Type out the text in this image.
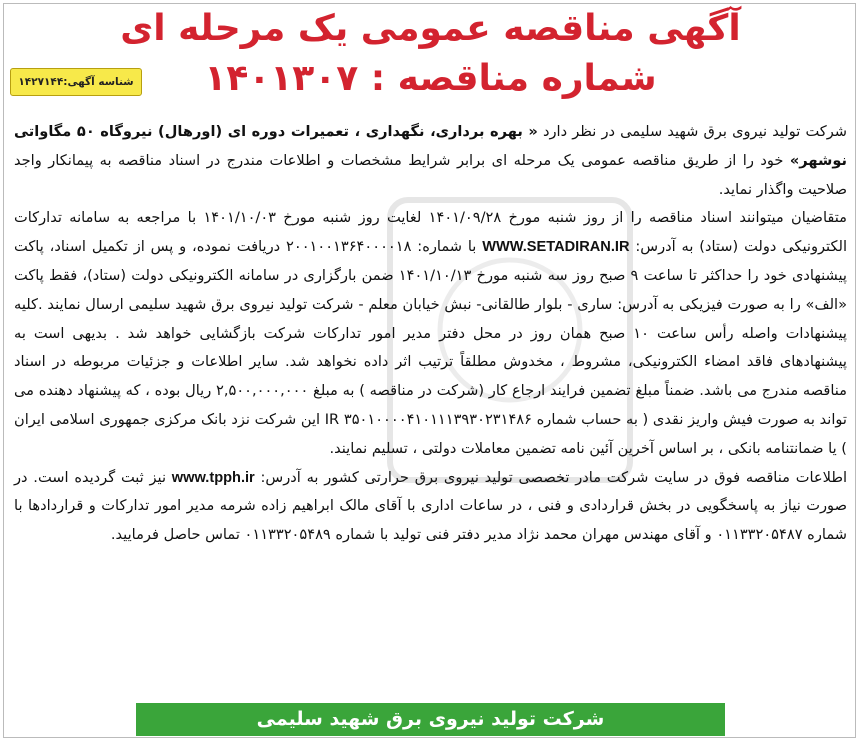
آگهی مناقصه عمومی یک مرحله ای
شماره مناقصه : ۱۴۰۱۳۰۷
شناسه آگهی:۱۴۲۷۱۴۴

شرکت تولید نیروی برق شهید سلیمی در نظر دارد « بهره برداری، نگهداری ، تعمیرات دوره ای (اورهال) نیروگاه ۵۰ مگاواتی نوشهر» خود را از طریق مناقصه عمومی یک مرحله ای برابر شرایط مشخصات و اطلاعات مندرج در اسناد مناقصه به پیمانکار واجد صلاحیت واگذار نماید.

متقاضیان میتوانند اسناد مناقصه را از روز شنبه مورخ ۱۴۰۱/۰۹/۲۸ لغایت روز شنبه مورخ ۱۴۰۱/۱۰/۰۳ با مراجعه به سامانه تدارکات الکترونیکی دولت (ستاد) به آدرس: WWW.SETADIRAN.IR با شماره: ۲۰۰۱۰۰۱۳۶۴۰۰۰۰۱۸ دریافت نموده، و پس از تکمیل اسناد، پاکت پیشنهادی خود را حداکثر تا ساعت ۹ صبح روز سه شنبه مورخ ۱۴۰۱/۱۰/۱۳ ضمن بارگزاری در سامانه الکترونیکی دولت (ستاد)، فقط پاکت «الف» را به صورت فیزیکی به آدرس: ساری - بلوار طالقانی- نبش خیابان معلم - شرکت تولید نیروی برق شهید سلیمی ارسال نمایند .کلیه پیشنهادات واصله رأس ساعت ۱۰ صبح همان روز در محل دفتر مدیر امور تدارکات شرکت بازگشایی خواهد شد . بدیهی است به پیشنهادهای فاقد امضاء الکترونیکی، مشروط ، مخدوش مطلقاً ترتیب اثر داده نخواهد شد. سایر اطلاعات و جزئیات مربوطه در اسناد مناقصه مندرج می باشد. ضمناً مبلغ تضمین فرایند ارجاع کار (شرکت در مناقصه ) به مبلغ ۲,۵۰۰,۰۰۰,۰۰۰ ریال بوده ، که پیشنهاد دهنده می تواند به صورت فیش واریز نقدی ( به حساب شماره IR ۳۵۰۱۰۰۰۰۴۱۰۱۱۱۳۹۳۰۲۳۱۴۸۶ این شرکت نزد بانک مرکزی جمهوری اسلامی ایران ) یا ضمانتنامه بانکی ، بر اساس آخرین آئین نامه تضمین معاملات دولتی ، تسلیم نمایند.

اطلاعات مناقصه فوق در سایت شرکت مادر تخصصی تولید نیروی برق حرارتی کشور به آدرس: www.tpph.ir نیز ثبت گردیده است. در صورت نیاز به پاسخگویی در بخش قراردادی و فنی ، در ساعات اداری با آقای مالک ابراهیم زاده شرمه مدیر امور تدارکات و قراردادها با شماره ۰۱۱۳۳۲۰۵۴۸۷ و آقای مهندس مهران محمد نژاد مدیر دفتر فنی تولید با شماره ۰۱۱۳۳۲۰۵۴۸۹ تماس حاصل فرمایید.

شرکت تولید نیروی برق شهید سلیمی
